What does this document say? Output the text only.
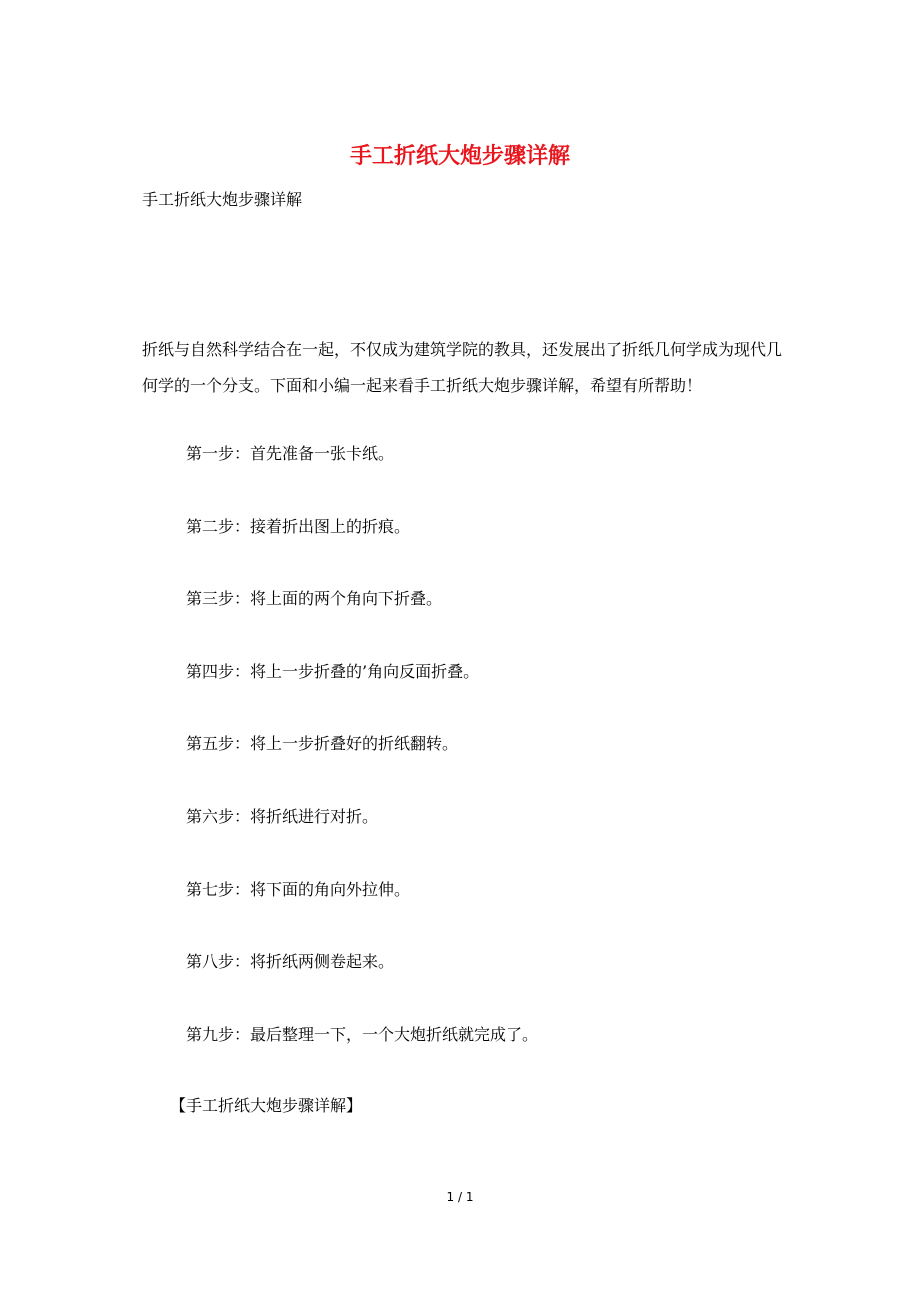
手工折纸大炮步骤详解

手工折纸大炮步骤详解

折纸与自然科学结合在一起，不仅成为建筑学院的教具，还发展出了折纸几何学成为现代几何学的一个分支。下面和小编一起来看手工折纸大炮步骤详解，希望有所帮助！

第一步：首先准备一张卡纸。
第二步：接着折出图上的折痕。
第三步：将上面的两个角向下折叠。
第四步：将上一步折叠的’角向反面折叠。
第五步：将上一步折叠好的折纸翻转。
第六步：将折纸进行对折。
第七步：将下面的角向外拉伸。
第八步：将折纸两侧卷起来。
第九步：最后整理一下，一个大炮折纸就完成了。

【手工折纸大炮步骤详解】

1 / 1
